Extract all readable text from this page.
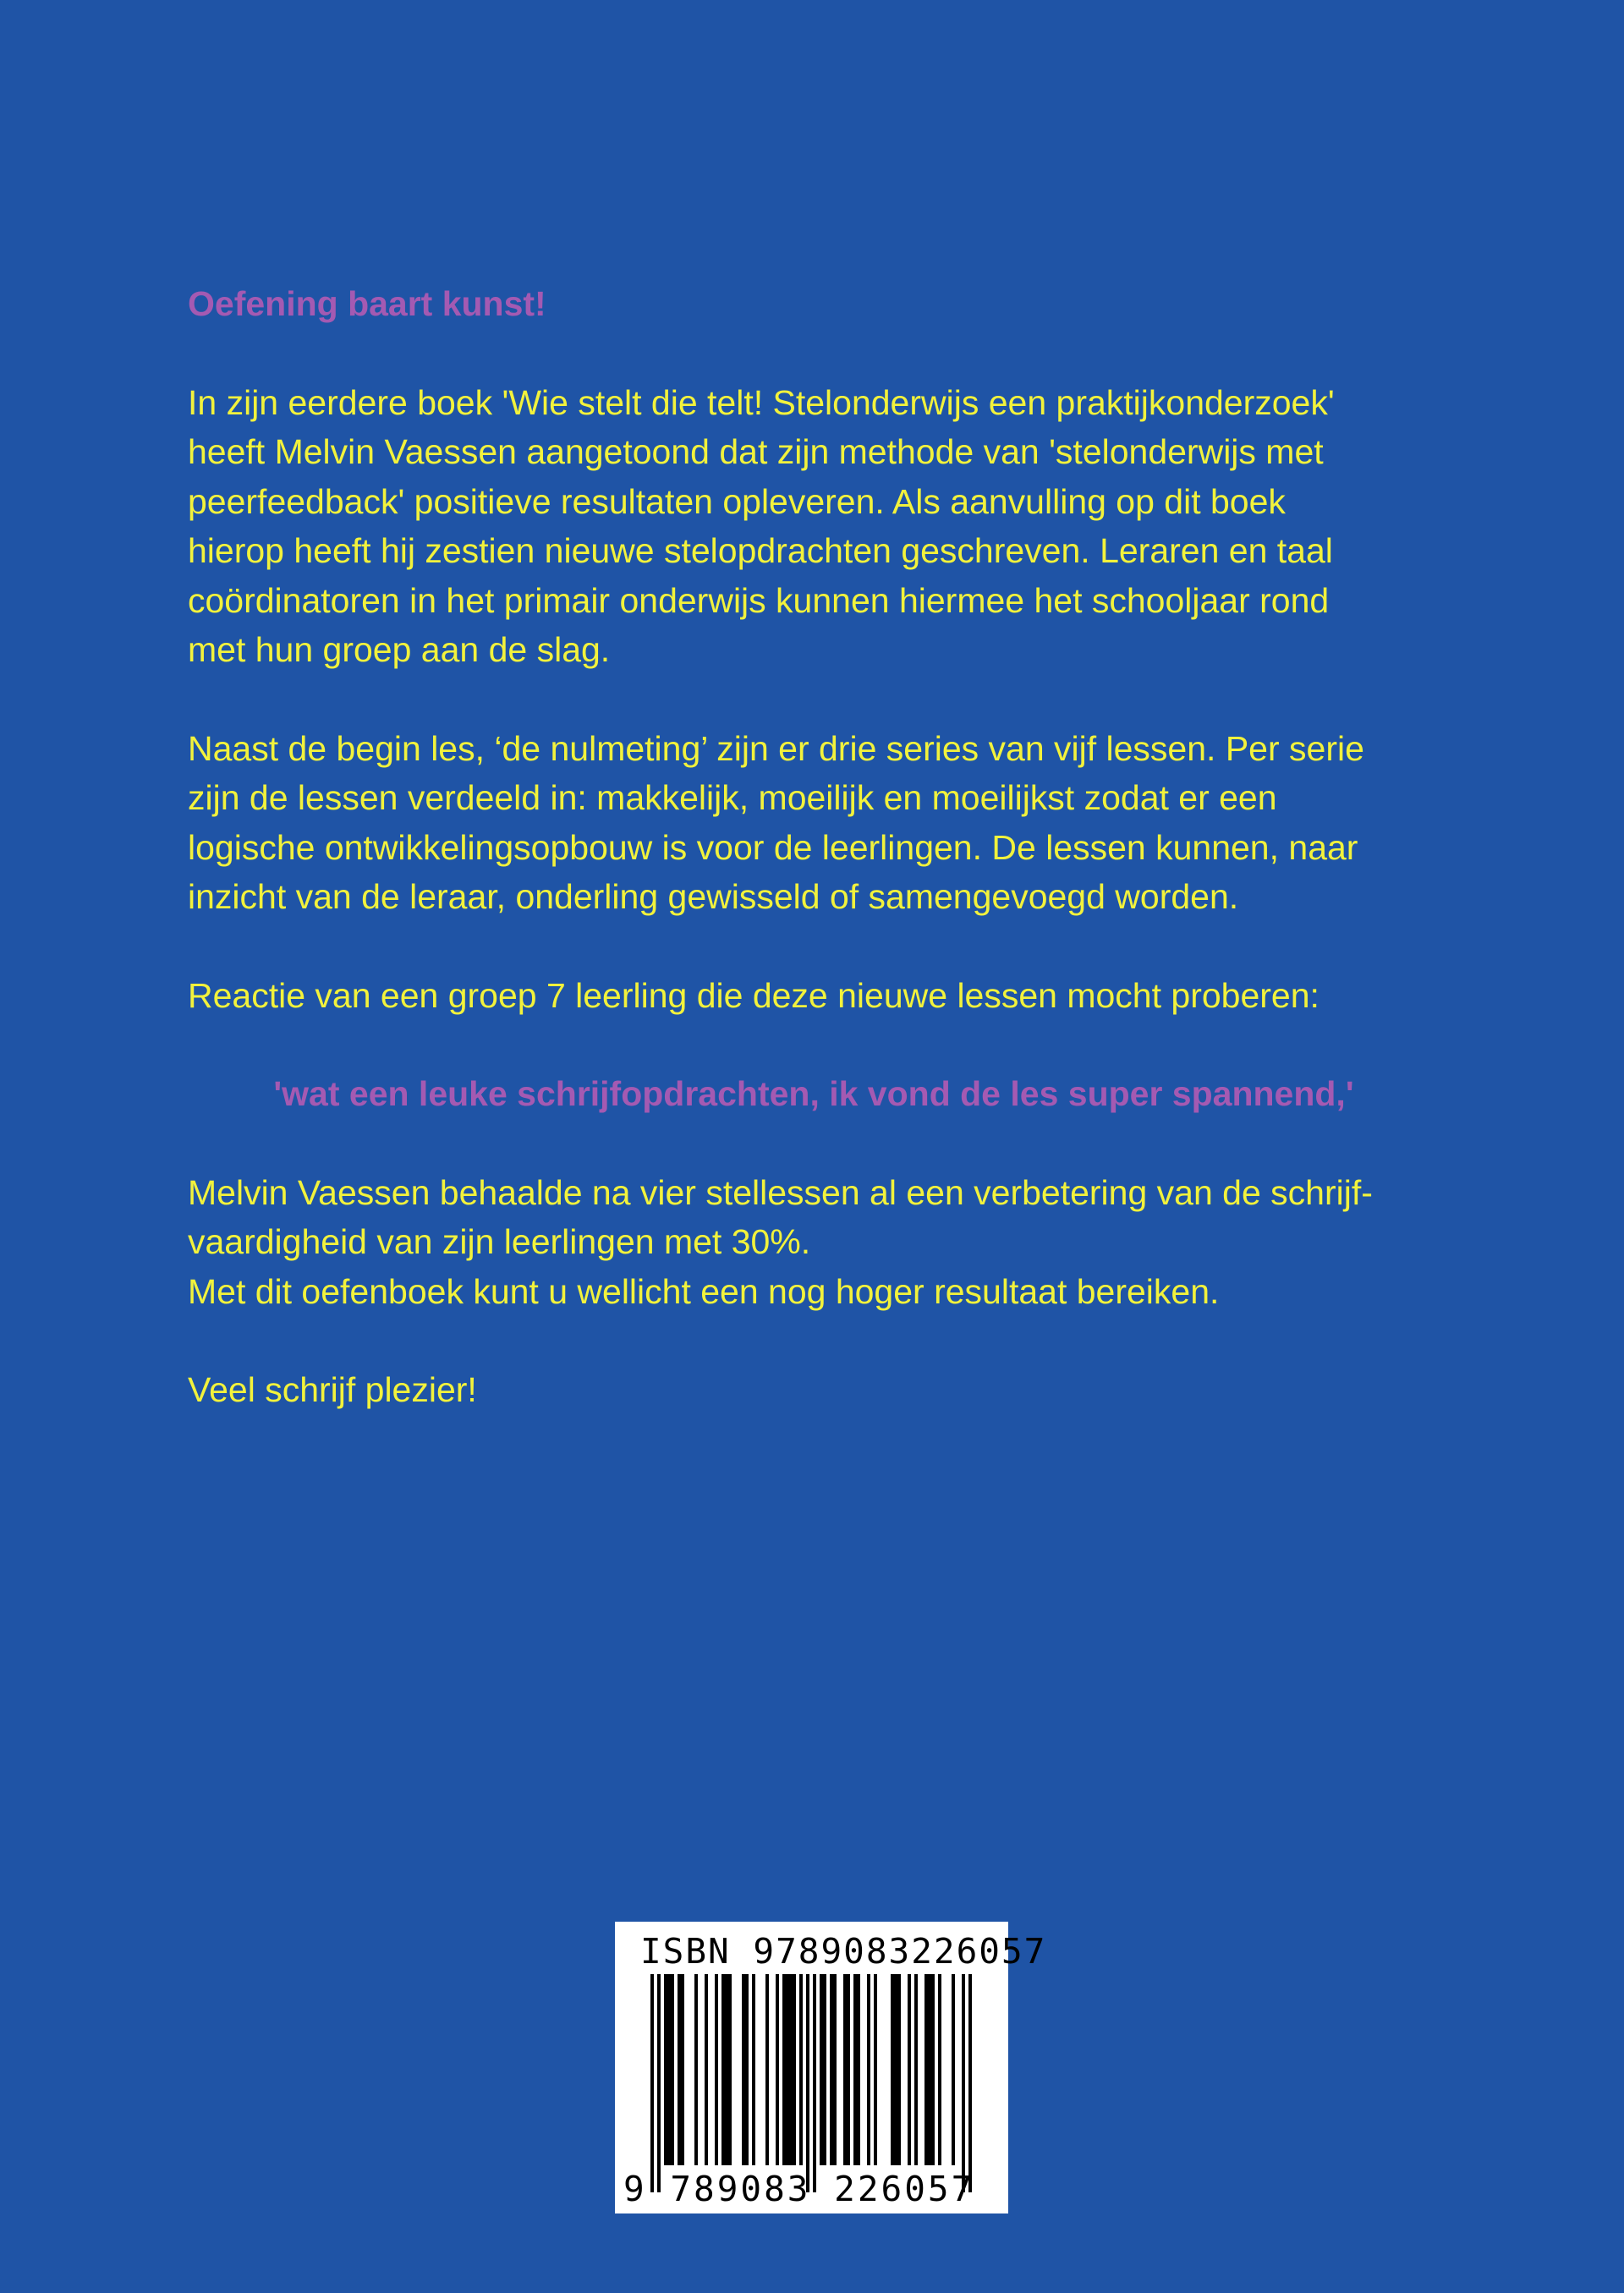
Oefening baart kunst!
In zijn eerdere boek 'Wie stelt die telt! Stelonderwijs een praktijkonderzoek'
heeft Melvin Vaessen aangetoond dat zijn methode van 'stelonderwijs met
peerfeedback' positieve resultaten opleveren. Als aanvulling op dit boek
hierop heeft hij zestien nieuwe stelopdrachten geschreven. Leraren en taal
coördinatoren in het primair onderwijs kunnen hiermee het schooljaar rond
met hun groep aan de slag.
Naast de begin les, ‘de nulmeting’ zijn er drie series van vijf lessen. Per serie
zijn de lessen verdeeld in: makkelijk, moeilijk en moeilijkst zodat er een
logische ontwikkelingsopbouw is voor de leerlingen. De lessen kunnen, naar
inzicht van de leraar, onderling gewisseld of samengevoegd worden.
Reactie van een groep 7 leerling die deze nieuwe lessen mocht proberen:
'wat een leuke schrijfopdrachten, ik vond de les super spannend,'
Melvin Vaessen behaalde na vier stellessen al een verbetering van de schrijf-
vaardigheid van zijn leerlingen met 30%.
Met dit oefenboek kunt u wellicht een nog hoger resultaat bereiken.
Veel schrijf plezier!
ISBN 9789083226057
9 789083 226057
